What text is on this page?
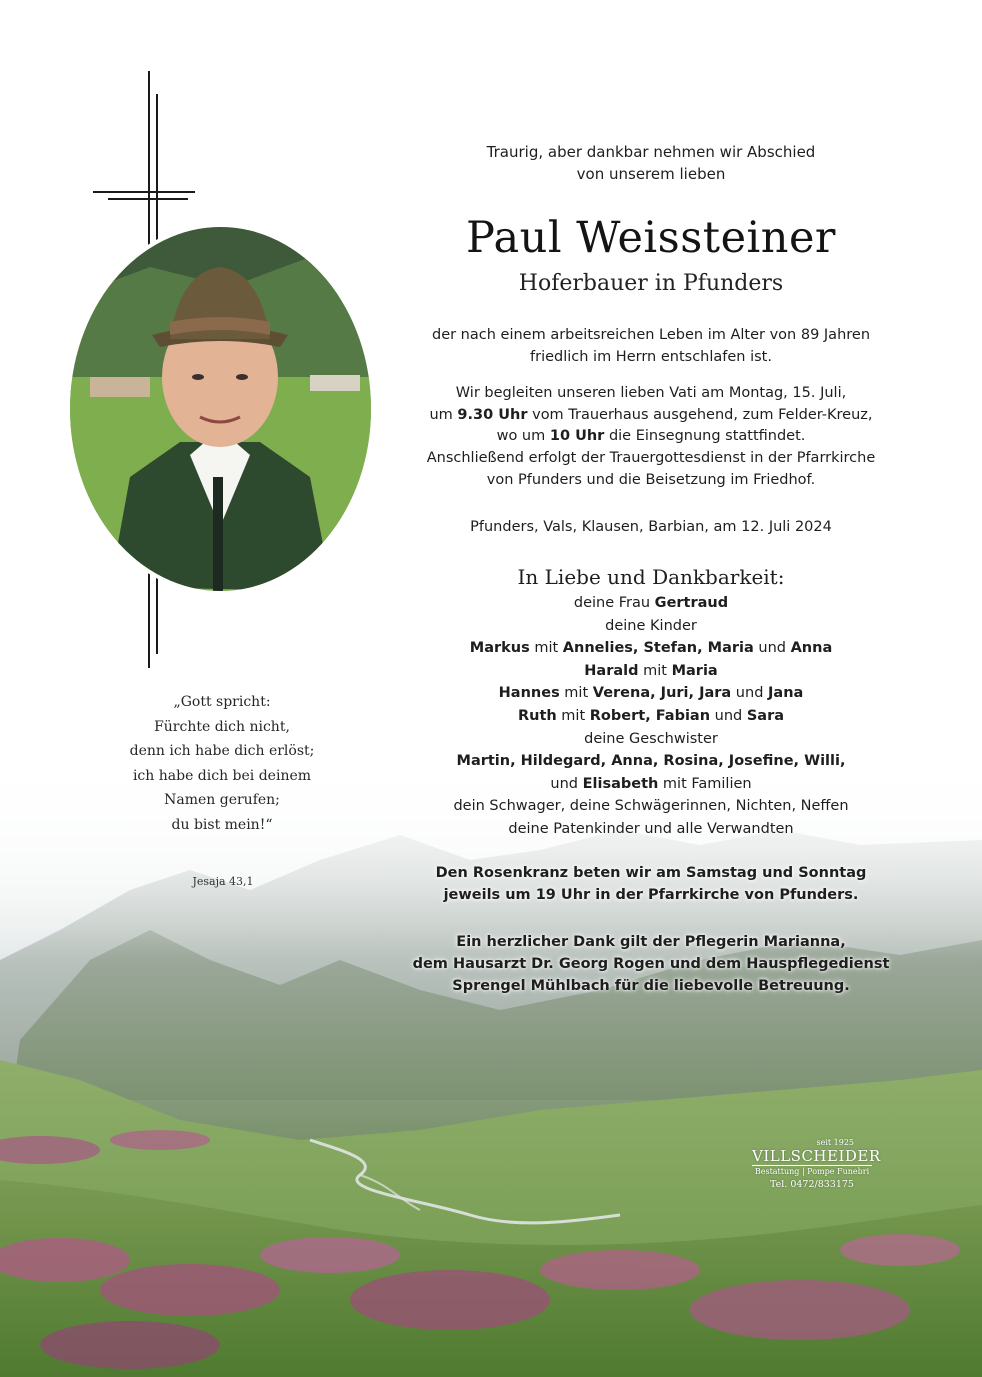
Traurig, aber dankbar nehmen wir Abschied
von unserem lieben
Paul Weissteiner
Hoferbauer in Pfunders
der nach einem arbeitsreichen Leben im Alter von 89 Jahren
friedlich im Herrn entschlafen ist.
Wir begleiten unseren lieben Vati am Montag, 15. Juli,
um 9.30 Uhr vom Trauerhaus ausgehend, zum Felder-Kreuz,
wo um 10 Uhr die Einsegnung stattfindet.
Anschließend erfolgt der Trauergottesdienst in der Pfarrkirche
von Pfunders und die Beisetzung im Friedhof.
Pfunders, Vals, Klausen, Barbian, am 12. Juli 2024
In Liebe und Dankbarkeit:
deine Frau Gertraud
deine Kinder
Markus mit Annelies, Stefan, Maria und Anna
Harald mit Maria
Hannes mit Verena, Juri, Jara und Jana
Ruth mit Robert, Fabian und Sara
deine Geschwister
Martin, Hildegard, Anna, Rosina, Josefine, Willi,
und Elisabeth mit Familien
dein Schwager, deine Schwägerinnen, Nichten, Neffen
deine Patenkinder und alle Verwandten
Den Rosenkranz beten wir am Samstag und Sonntag
jeweils um 19 Uhr in der Pfarrkirche von Pfunders.
Ein herzlicher Dank gilt der Pflegerin Marianna,
dem Hausarzt Dr. Georg Rogen und dem Hauspflegedienst
Sprengel Mühlbach für die liebevolle Betreuung.
„Gott spricht:
Fürchte dich nicht,
denn ich habe dich erlöst;
ich habe dich bei deinem
Namen gerufen;
du bist mein!“
Jesaja 43,1
seit 1925
VILLSCHEIDER
Bestattung | Pompe Funebri
Tel. 0472/833175
